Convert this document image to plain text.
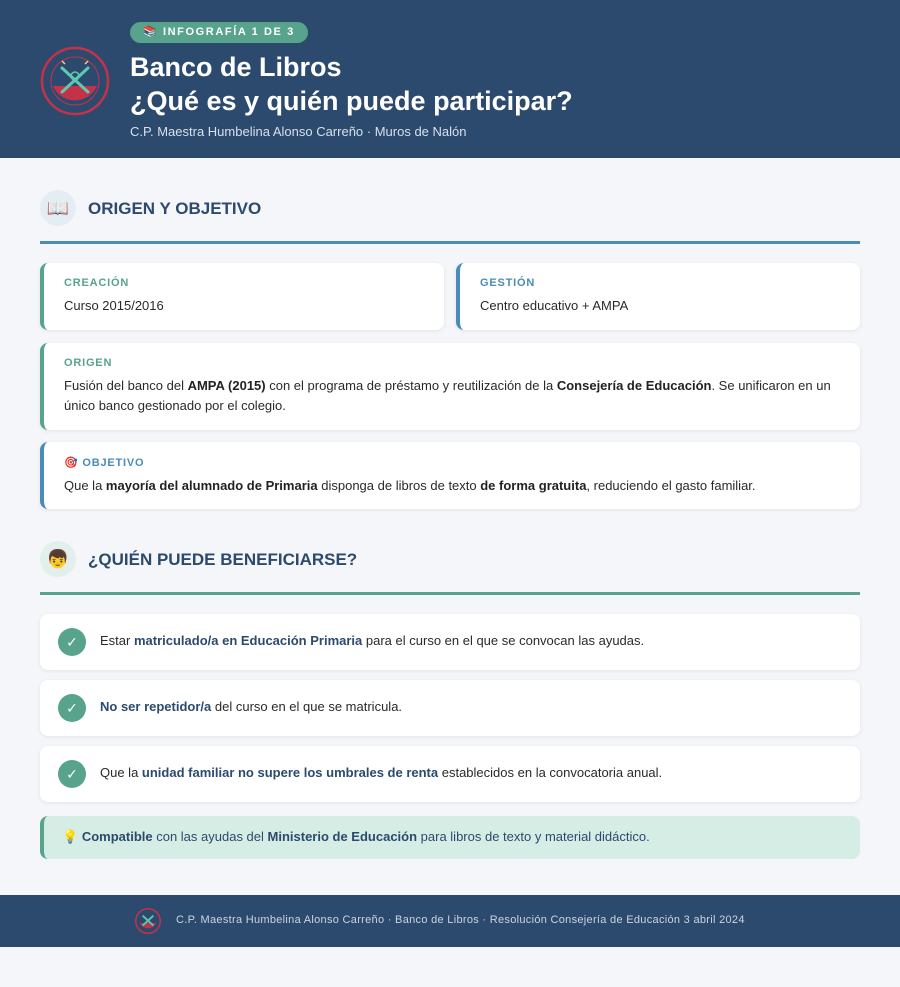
📚 INFOGRAFÍA 1 DE 3
Banco de Libros
¿Qué es y quién puede participar?
C.P. Maestra Humbelina Alonso Carreño · Muros de Nalón
📖	ORIGEN Y OBJETIVO
CREACIÓN
Curso 2015/2016
GESTIÓN
Centro educativo + AMPA
ORIGEN
Fusión del banco del AMPA (2015) con el programa de préstamo y reutilización de la Consejería de Educación. Se unificaron en un único banco gestionado por el colegio.
🎯 OBJETIVO
Que la mayoría del alumnado de Primaria disponga de libros de texto de forma gratuita, reduciendo el gasto familiar.
👦	¿QUIÉN PUEDE BENEFICIARSE?
✓	Estar matriculado/a en Educación Primaria para el curso en el que se convocan las ayudas.
✓	No ser repetidor/a del curso en el que se matricula.
✓	Que la unidad familiar no supere los umbrales de renta establecidos en la convocatoria anual.
💡 Compatible con las ayudas del Ministerio de Educación para libros de texto y material didáctico.
C.P. Maestra Humbelina Alonso Carreño · Banco de Libros · Resolución Consejería de Educación 3 abril 2024
